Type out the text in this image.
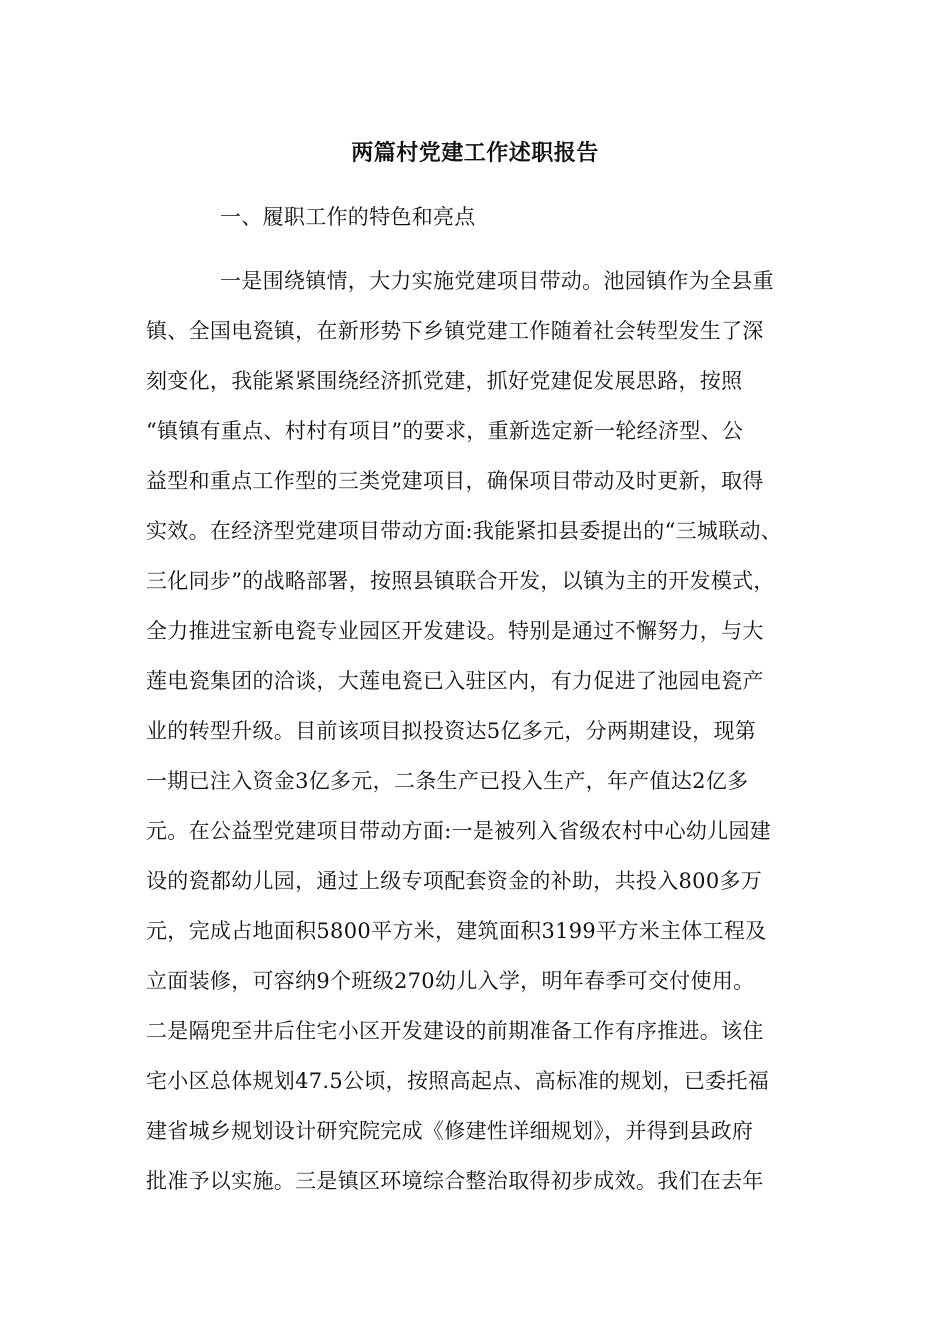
两篇村党建工作述职报告
一、履职工作的特色和亮点
一是围绕镇情，大力实施党建项目带动。池园镇作为全县重
镇、全国电瓷镇，在新形势下乡镇党建工作随着社会转型发生了深
刻变化，我能紧紧围绕经济抓党建，抓好党建促发展思路，按照
“镇镇有重点、村村有项目”的要求，重新选定新一轮经济型、公
益型和重点工作型的三类党建项目，确保项目带动及时更新，取得
实效。在经济型党建项目带动方面:我能紧扣县委提出的“三城联动、
三化同步”的战略部署，按照县镇联合开发，以镇为主的开发模式，
全力推进宝新电瓷专业园区开发建设。特别是通过不懈努力，与大
莲电瓷集团的洽谈，大莲电瓷已入驻区内，有力促进了池园电瓷产
业的转型升级。目前该项目拟投资达5亿多元，分两期建设，现第
一期已注入资金3亿多元，二条生产已投入生产，年产值达2亿多
元。在公益型党建项目带动方面:一是被列入省级农村中心幼儿园建
设的瓷都幼儿园，通过上级专项配套资金的补助，共投入800多万
元，完成占地面积5800平方米，建筑面积3199平方米主体工程及
立面装修，可容纳9个班级270幼儿入学，明年春季可交付使用。
二是隔兜至井后住宅小区开发建设的前期准备工作有序推进。该住
宅小区总体规划47.5公顷，按照高起点、高标准的规划，已委托福
建省城乡规划设计研究院完成《修建性详细规划》，并得到县政府
批准予以实施。三是镇区环境综合整治取得初步成效。我们在去年
